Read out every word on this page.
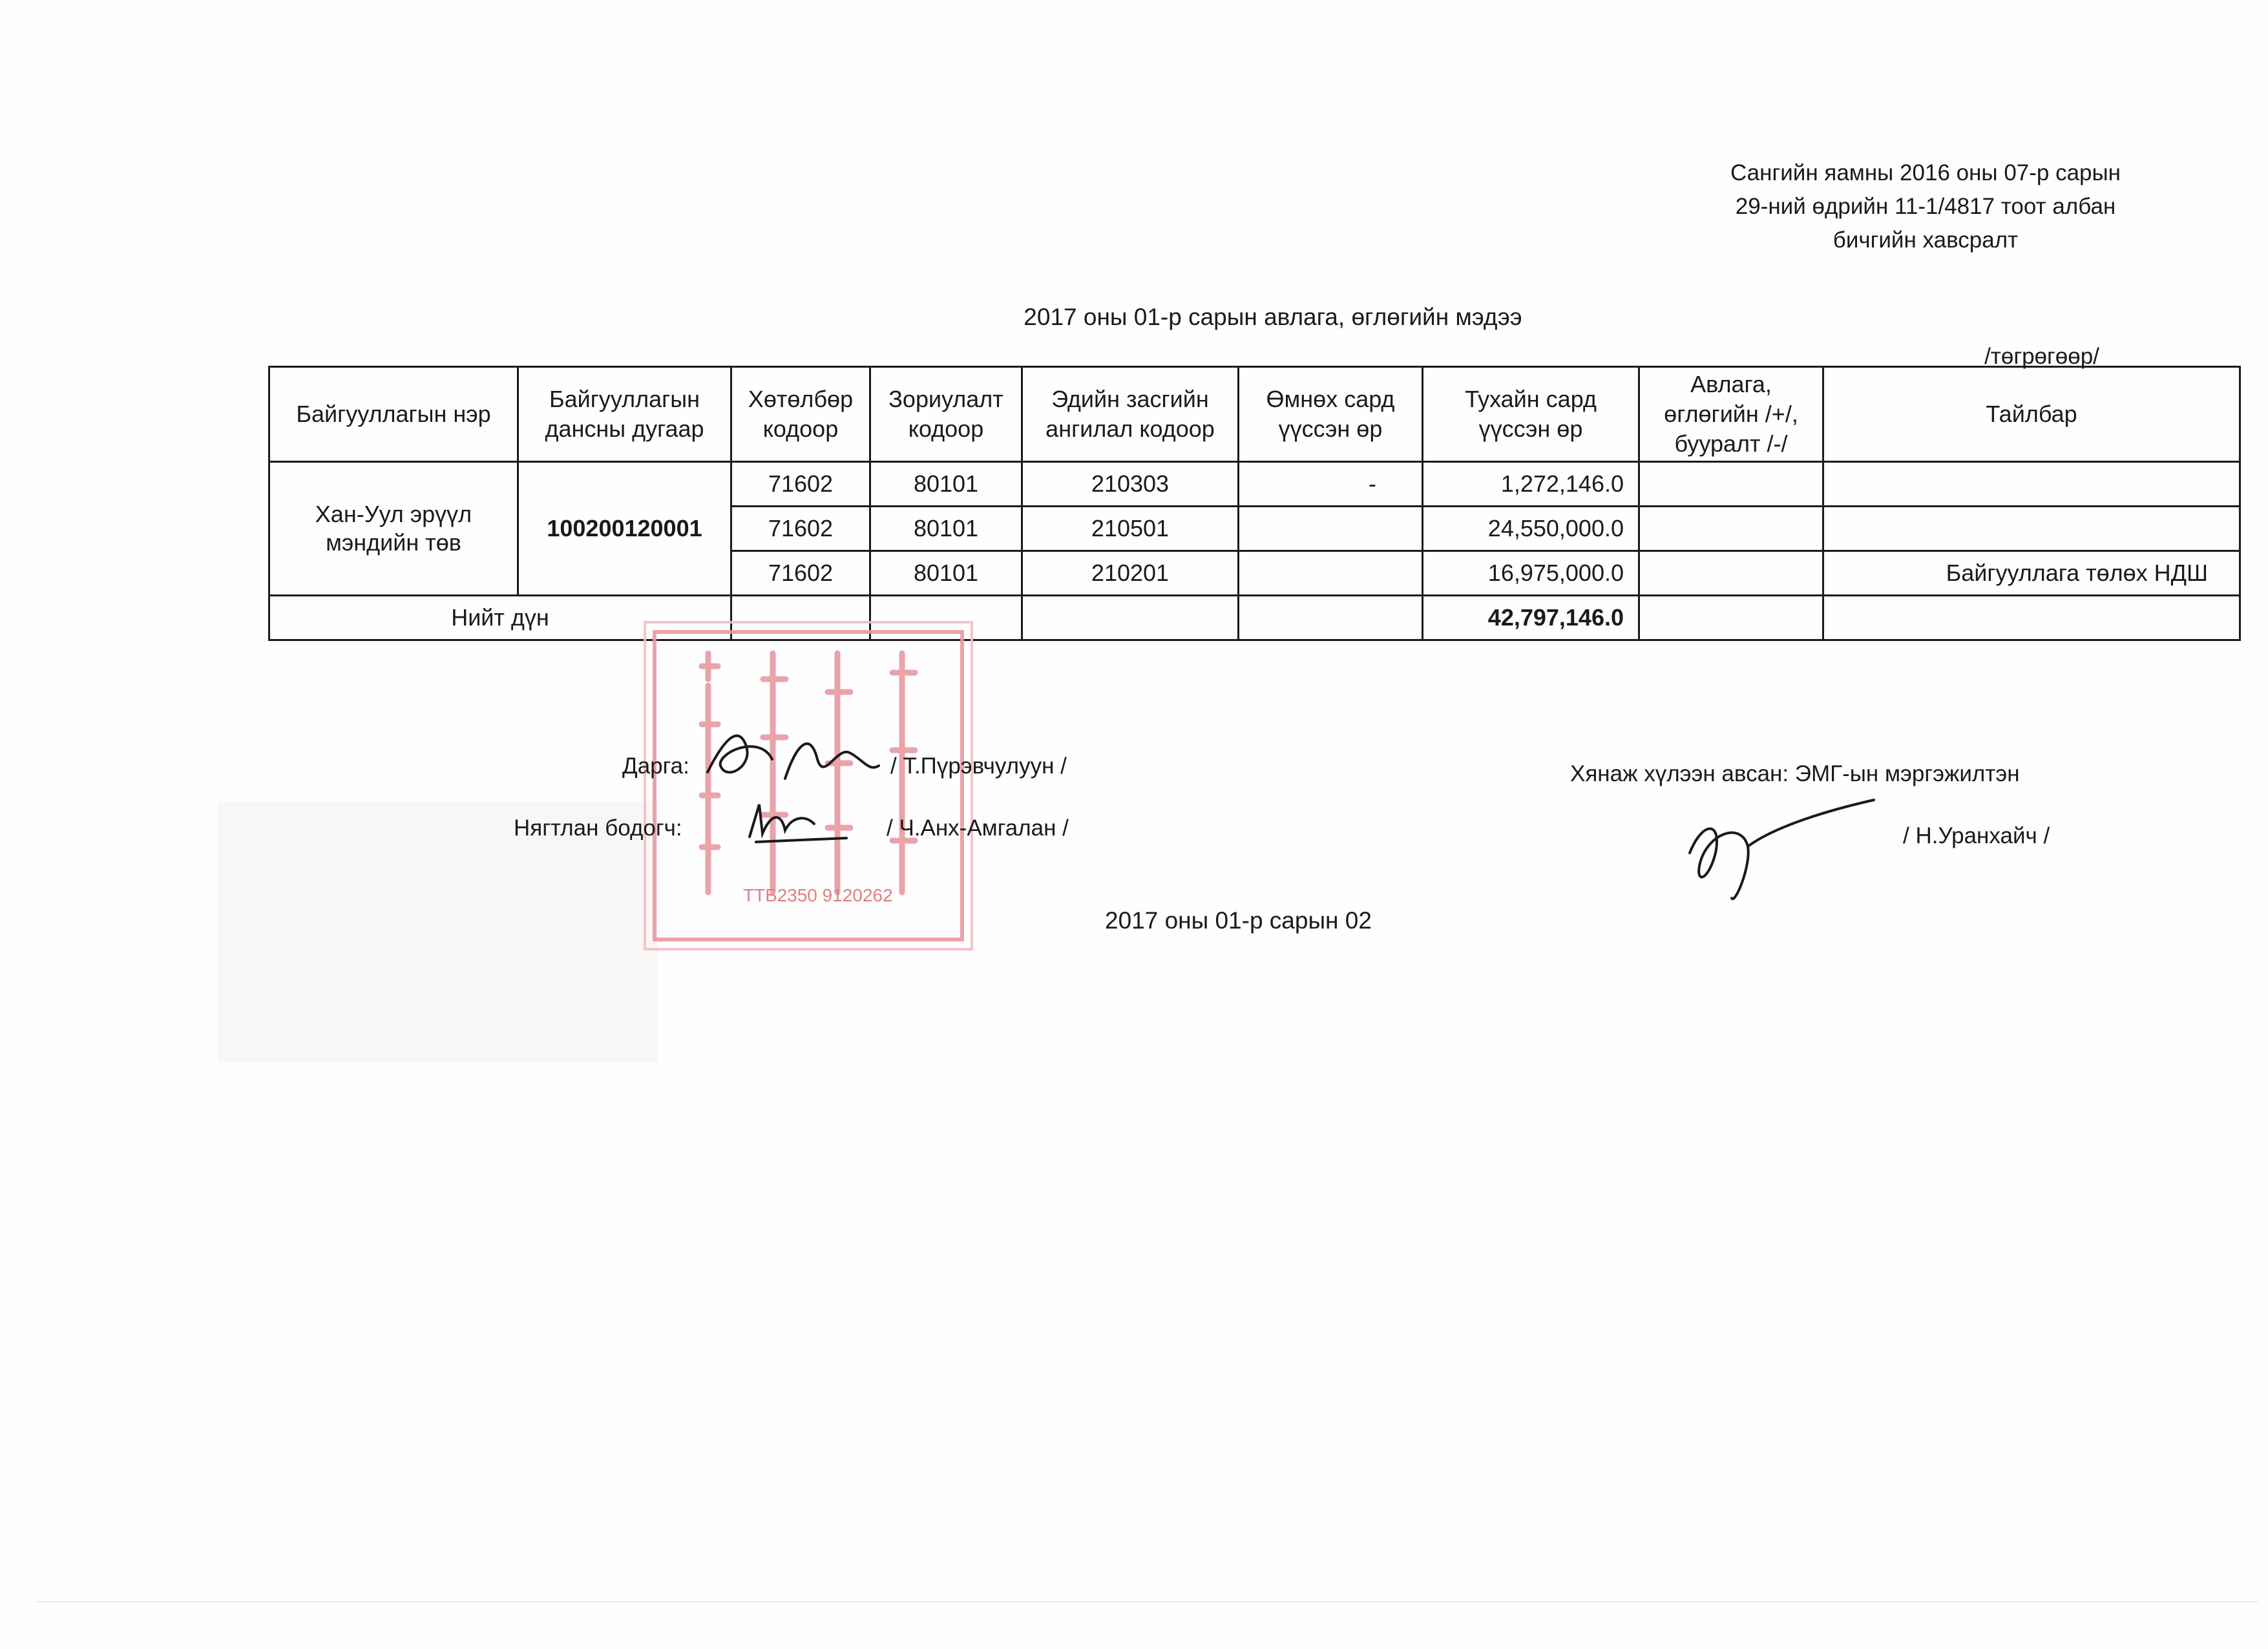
Сангийн яамны 2016 оны 07-р сарын
29-ний өдрийн 11-1/4817 тоот албан
бичгийн хавсралт
2017 оны 01-р сарын авлага, өглөгийн мэдээ
/төгрөгөөр/
Байгууллагын нэр	Байгууллагын дансны дугаар	Хөтөлбөр кодоор	Зориулалт кодоор	Эдийн засгийн ангилал кодоор	Өмнөх сард үүссэн өр	Тухайн сард үүссэн өр	Авлага, өглөгийн /+/, бууралт /-/	Тайлбар
Хан-Уул эрүүл мэндийн төв	100200120001	71602	80101	210303	-	1,272,146.0		
		71602	80101	210501		24,550,000.0		
		71602	80101	210201		16,975,000.0		Байгууллага төлөх НДШ
Нийт дүн						42,797,146.0		
ТТБ2350 9120262
Дарга:	/ Т.Пүрэвчулуун /
Нягтлан бодогч:	/ Ч.Анх-Амгалан /
Хянаж хүлээн авсан: ЭМГ-ын мэргэжилтэн
/ Н.Уранхайч /
2017 оны 01-р сарын 02
